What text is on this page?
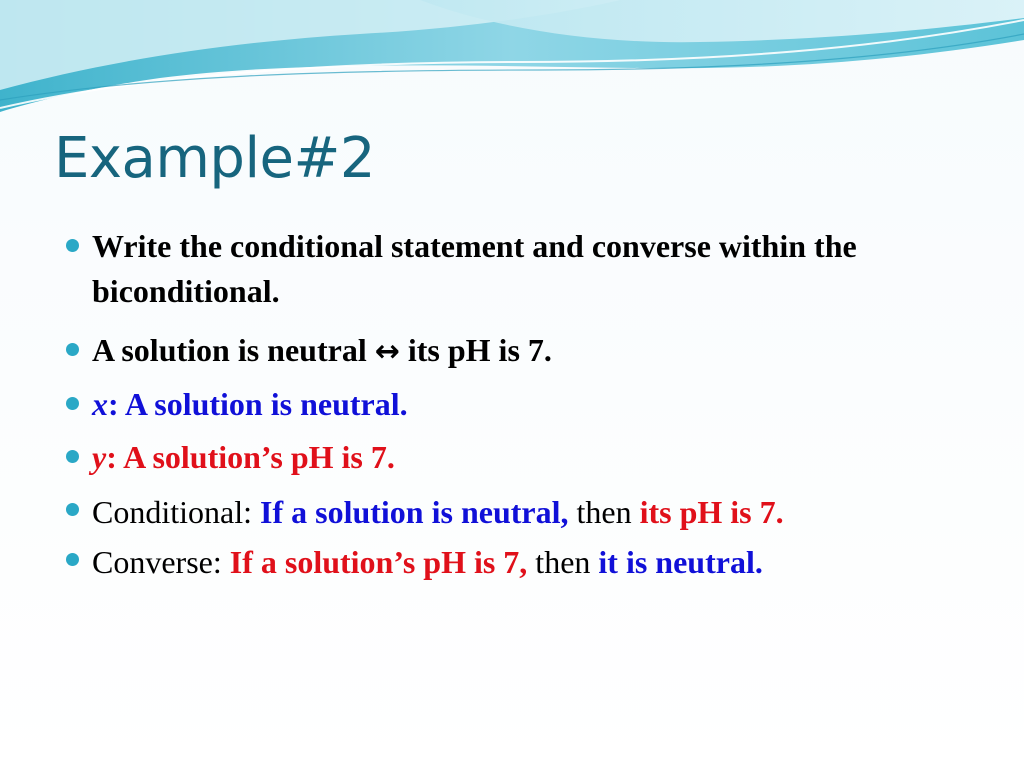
Example#2
Write the conditional statement and converse within the biconditional.
A solution is neutral ↔ its pH is 7.
x: A solution is neutral.
y: A solution’s pH is 7.
Conditional: If a solution is neutral, then its pH is 7.
Converse: If a solution’s pH is 7, then it is neutral.
